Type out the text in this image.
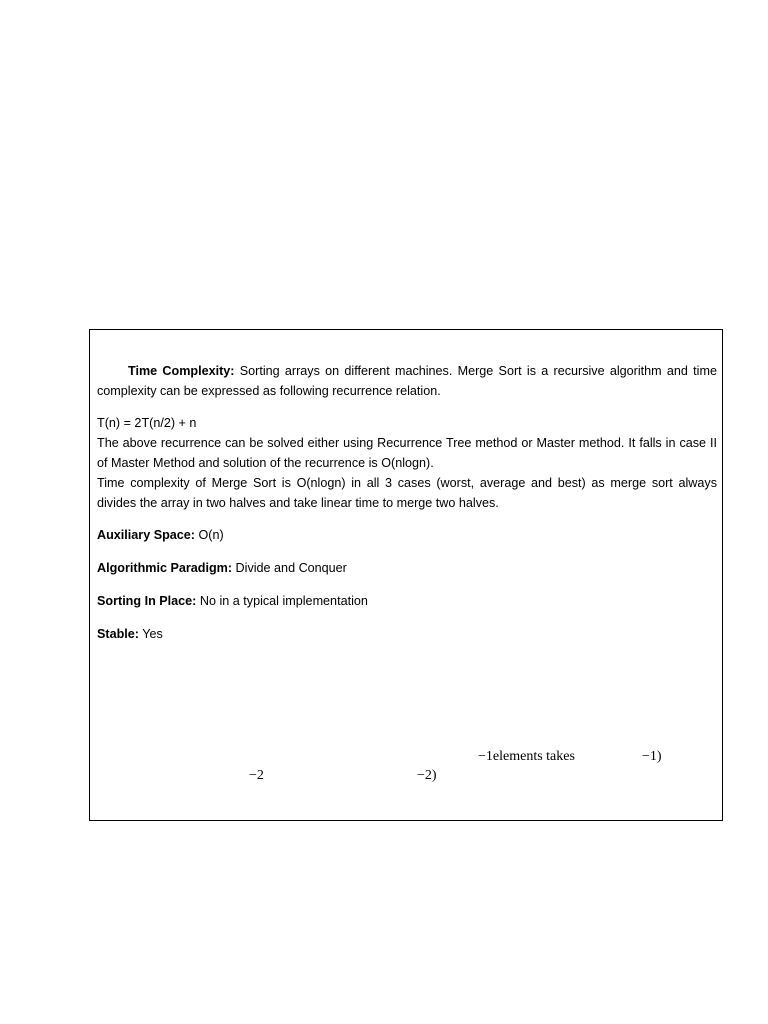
Time Complexity: Sorting arrays on different machines. Merge Sort is a recursive algorithm and time complexity can be expressed as following recurrence relation.

T(n) = 2T(n/2) + n

The above recurrence can be solved either using Recurrence Tree method or Master method. It falls in case II of Master Method and solution of the recurrence is O(nlogn).

Time complexity of Merge Sort is O(nlogn) in all 3 cases (worst, average and best) as merge sort always divides the array in two halves and take linear time to merge two halves.

Auxiliary Space: O(n)

Algorithmic Paradigm: Divide and Conquer

Sorting In Place: No in a typical implementation

Stable: Yes

−1elements takes	−1)
−2	−2)
